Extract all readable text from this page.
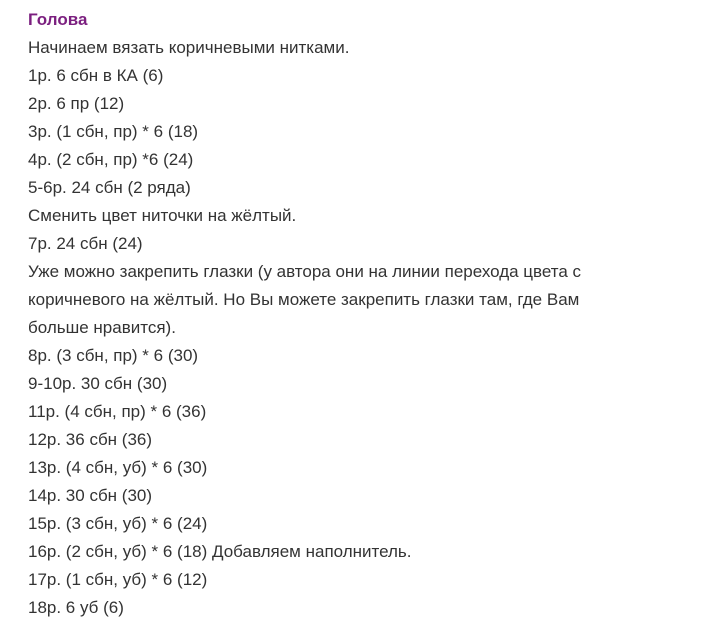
Голова
Начинаем вязать коричневыми нитками.
1р. 6 сбн в КА (6)
2р. 6 пр (12)
3р. (1 сбн, пр) * 6 (18)
4р. (2 сбн, пр) *6 (24)
5-6р. 24 сбн (2 ряда)
Сменить цвет ниточки на жёлтый.
7р. 24 сбн (24)
Уже можно закрепить глазки (у автора они на линии перехода цвета с
коричневого на жёлтый. Но Вы можете закрепить глазки там, где Вам
больше нравится).
8р. (3 сбн, пр) * 6 (30)
9-10р. 30 сбн (30)
11р. (4 сбн, пр) * 6 (36)
12р. 36 сбн (36)
13р. (4 сбн, уб) * 6 (30)
14р. 30 сбн (30)
15р. (3 сбн, уб) * 6 (24)
16р. (2 сбн, уб) * 6 (18) Добавляем наполнитель.
17р. (1 сбн, уб) * 6 (12)
18р. 6 уб (6)
